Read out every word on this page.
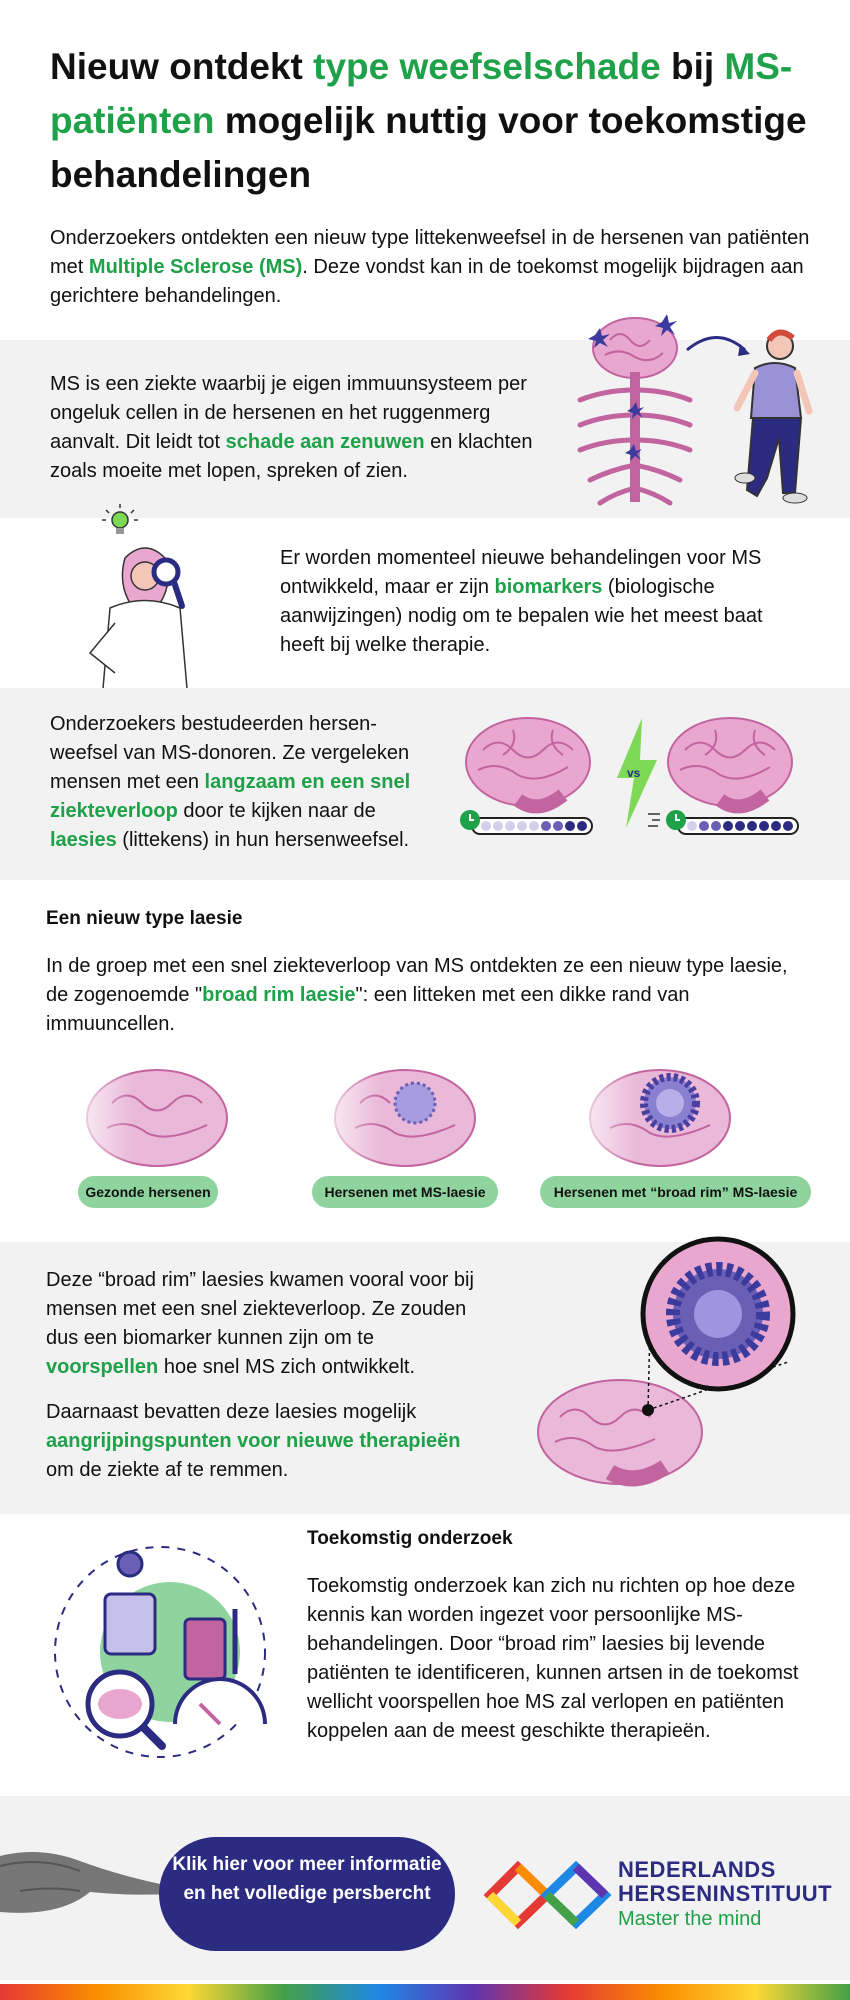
Nieuw ontdekt type weefselschade bij MS-patiënten mogelijk nuttig voor toekomstige behandelingen

Onderzoekers ontdekten een nieuw type littekenweefsel in de hersenen van patiënten met Multiple Sclerose (MS). Deze vondst kan in de toekomst mogelijk bijdragen aan gerichtere behandelingen.

MS is een ziekte waarbij je eigen immuunsysteem per ongeluk cellen in de hersenen en het ruggenmerg aanvalt. Dit leidt tot schade aan zenuwen en klachten zoals moeite met lopen, spreken of zien.

Er worden momenteel nieuwe behandelingen voor MS ontwikkeld, maar er zijn biomarkers (biologische aanwijzingen) nodig om te bepalen wie het meest baat heeft bij welke therapie.

Onderzoekers bestudeerden hersen-weefsel van MS-donoren. Ze vergeleken mensen met een langzaam en een snel ziekteverloop door te kijken naar de laesies (littekens) in hun hersenweefsel.

vs
Een nieuw type laesie

In de groep met een snel ziekteverloop van MS ontdekten ze een nieuw type laesie, de zogenoemde "broad rim laesie": een litteken met een dikke rand van immuuncellen.

Gezonde hersenen	Hersenen met MS-laesie	Hersenen met “broad rim” MS-laesie

Deze “broad rim” laesies kwamen vooral voor bij mensen met een snel ziekteverloop. Ze zouden dus een biomarker kunnen zijn om te voorspellen hoe snel MS zich ontwikkelt.

Daarnaast bevatten deze laesies mogelijk aangrijpingspunten voor nieuwe therapieën om de ziekte af te remmen.

Toekomstig onderzoek

Toekomstig onderzoek kan zich nu richten op hoe deze kennis kan worden ingezet voor persoonlijke MS-behandelingen. Door “broad rim” laesies bij levende patiënten te identificeren, kunnen artsen in de toekomst wellicht voorspellen hoe MS zal verlopen en patiënten koppelen aan de meest geschikte therapieën.

Klik hier voor meer informatie en het volledige persbercht
NEDERLANDS
HERSENINSTITUUT
Master the mind
